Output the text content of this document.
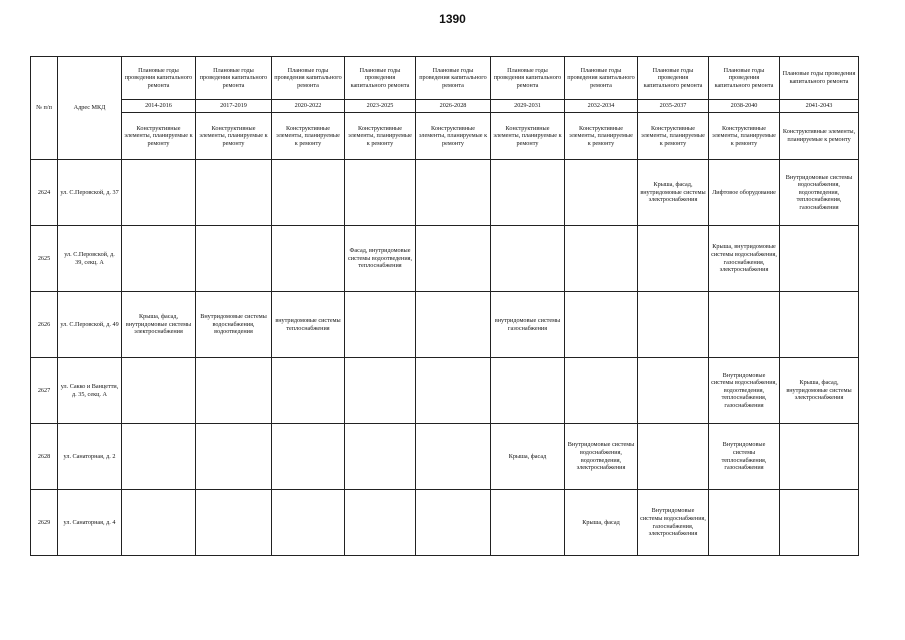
1390
№ п/п	Адрес МКД	Плановые годы проведения капитального ремонта	Плановые годы проведения капитального ремонта	Плановые годы проведения капитального ремонта	Плановые годы проведения капитального ремонта	Плановые годы проведения капитального ремонта	Плановые годы проведения капитального ремонта	Плановые годы проведения капитального ремонта	Плановые годы проведения капитального ремонта	Плановые годы проведения капитального ремонта	Плановые годы проведения капитального ремонта
		2014-2016	2017-2019	2020-2022	2023-2025	2026-2028	2029-2031	2032-2034	2035-2037	2038-2040	2041-2043
		Конструктивные элементы, планируемые к ремонту	Конструктивные элементы, планируемые к ремонту	Конструктивные элементы, планируемые к ремонту	Конструктивные элементы, планируемые к ремонту	Конструктивные элементы, планируемые к ремонту	Конструктивные элементы, планируемые к ремонту	Конструктивные элементы, планируемые к ремонту	Конструктивные элементы, планируемые к ремонту	Конструктивные элементы, планируемые к ремонту	Конструктивные элементы, планируемые к ремонту
2624	ул. С.Перовской, д. 37								Крыша, фасад, внутридомовые системы электроснабжения	Лифтовое оборудование	Внутридомовые системы водоснабжения, водоотведения, теплоснабжения, газоснабжения
2625	ул. С.Перовской, д. 39, секц. А				Фасад, внутридомовые системы водоотведения, теплоснабжения					Крыша, внутридомовые системы водоснабжения, газоснабжения, электроснабжения	
2626	ул. С.Перовской, д. 49	Крыша, фасад, внутридомовые системы электроснабжения	Внутридомовые системы водоснабжения, водоотведения	внутридомовые системы теплоснабжения			внутридомовые системы газоснабжения				
2627	ул. Сакко и Ванцетти, д. 35, секц. А									Внутридомовые системы водоснабжения, водоотведения, теплоснабжения, газоснабжения	Крыша, фасад, внутридомовые системы электроснабжения
2628	ул. Санаторная, д. 2						Крыша, фасад	Внутридомовые системы водоснабжения, водоотведения, электроснабжения		Внутридомовые системы теплоснабжения, газоснабжения	
2629	ул. Санаторная, д. 4							Крыша, фасад	Внутридомовые системы водоснабжения, газоснабжения, электроснабжения		
